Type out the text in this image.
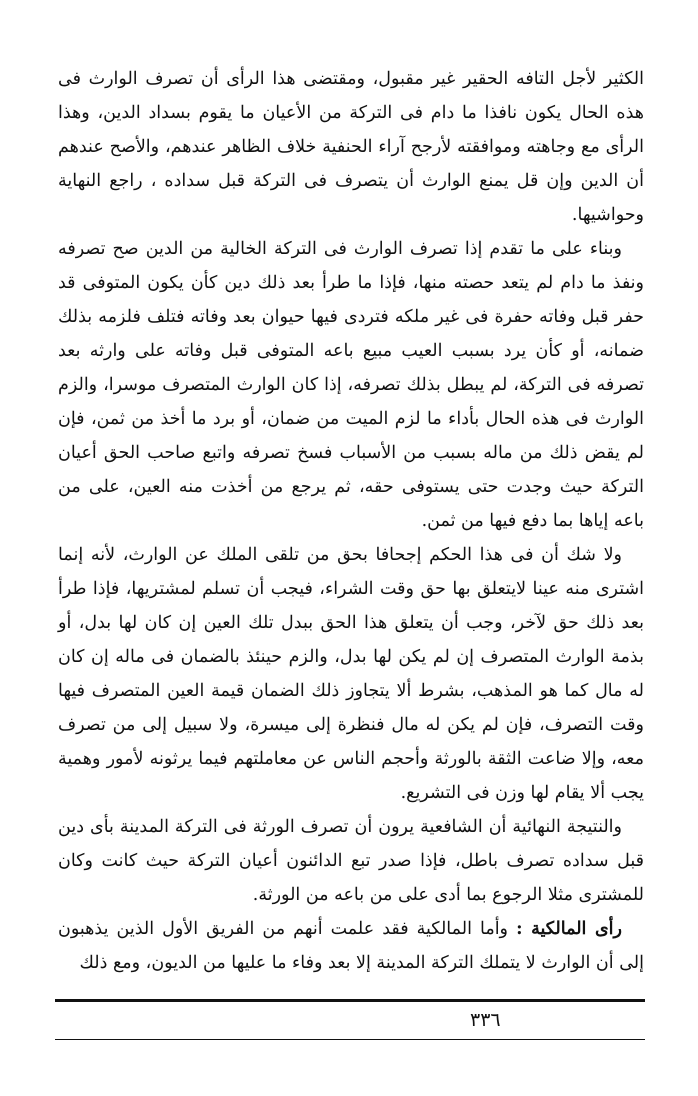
الكثير لأجل التافه الحقير غير مقبول، ومقتضى هذا الرأى أن تصرف الوارث فى هذه الحال يكون نافذا ما دام فى التركة من الأعيان ما يقوم بسداد الدين، وهذا الرأى مع وجاهته وموافقته لأرجح آراء الحنفية خلاف الظاهر عندهم، والأصح عندهم أن الدين وإن قل يمنع الوارث أن يتصرف فى التركة قبل سداده ، راجع النهاية وحواشيها.

وبناء على ما تقدم إذا تصرف الوارث فى التركة الخالية من الدين صح تصرفه ونفذ ما دام لم يتعد حصته منها، فإذا ما طرأ بعد ذلك دين كأن يكون المتوفى قد حفر قبل وفاته حفرة فى غير ملكه فتردى فيها حيوان بعد وفاته فتلف فلزمه بذلك ضمانه، أو كأن يرد بسبب العيب مبيع باعه المتوفى قبل وفاته على وارثه بعد تصرفه فى التركة، لم يبطل بذلك تصرفه، إذا كان الوارث المتصرف موسرا، والزم الوارث فى هذه الحال بأداء ما لزم الميت من ضمان، أو برد ما أخذ من ثمن، فإن لم يقض ذلك من ماله بسبب من الأسباب فسخ تصرفه واتبع صاحب الحق أعيان التركة حيث وجدت حتى يستوفى حقه، ثم يرجع من أخذت منه العين، على من باعه إياها بما دفع فيها من ثمن.

ولا شك أن فى هذا الحكم إجحافا بحق من تلقى الملك عن الوارث، لأنه إنما اشترى منه عينا لايتعلق بها حق وقت الشراء، فيجب أن تسلم لمشتريها، فإذا طرأ بعد ذلك حق لآخر، وجب أن يتعلق هذا الحق ببدل تلك العين إن كان لها بدل، أو بذمة الوارث المتصرف إن لم يكن لها بدل، والزم حينئذ بالضمان فى ماله إن كان له مال كما هو المذهب، بشرط ألا يتجاوز ذلك الضمان قيمة العين المتصرف فيها وقت التصرف، فإن لم يكن له مال فنظرة إلى ميسرة، ولا سبيل إلى من تصرف معه، وإلا ضاعت الثقة بالورثة وأحجم الناس عن معاملتهم فيما يرثونه لأمور وهمية يجب ألا يقام لها وزن فى التشريع.

والنتيجة النهائية أن الشافعية يرون أن تصرف الورثة فى التركة المدينة بأى دين قبل سداده تصرف باطل، فإذا صدر تبع الدائنون أعيان التركة حيث كانت وكان للمشترى مثلا الرجوع بما أدى على من باعه من الورثة.

رأى المالكية : وأما المالكية فقد علمت أنهم من الفريق الأول الذين يذهبون إلى أن الوارث لا يتملك التركة المدينة إلا بعد وفاء ما عليها من الديون، ومع ذلك

٣٣٦
